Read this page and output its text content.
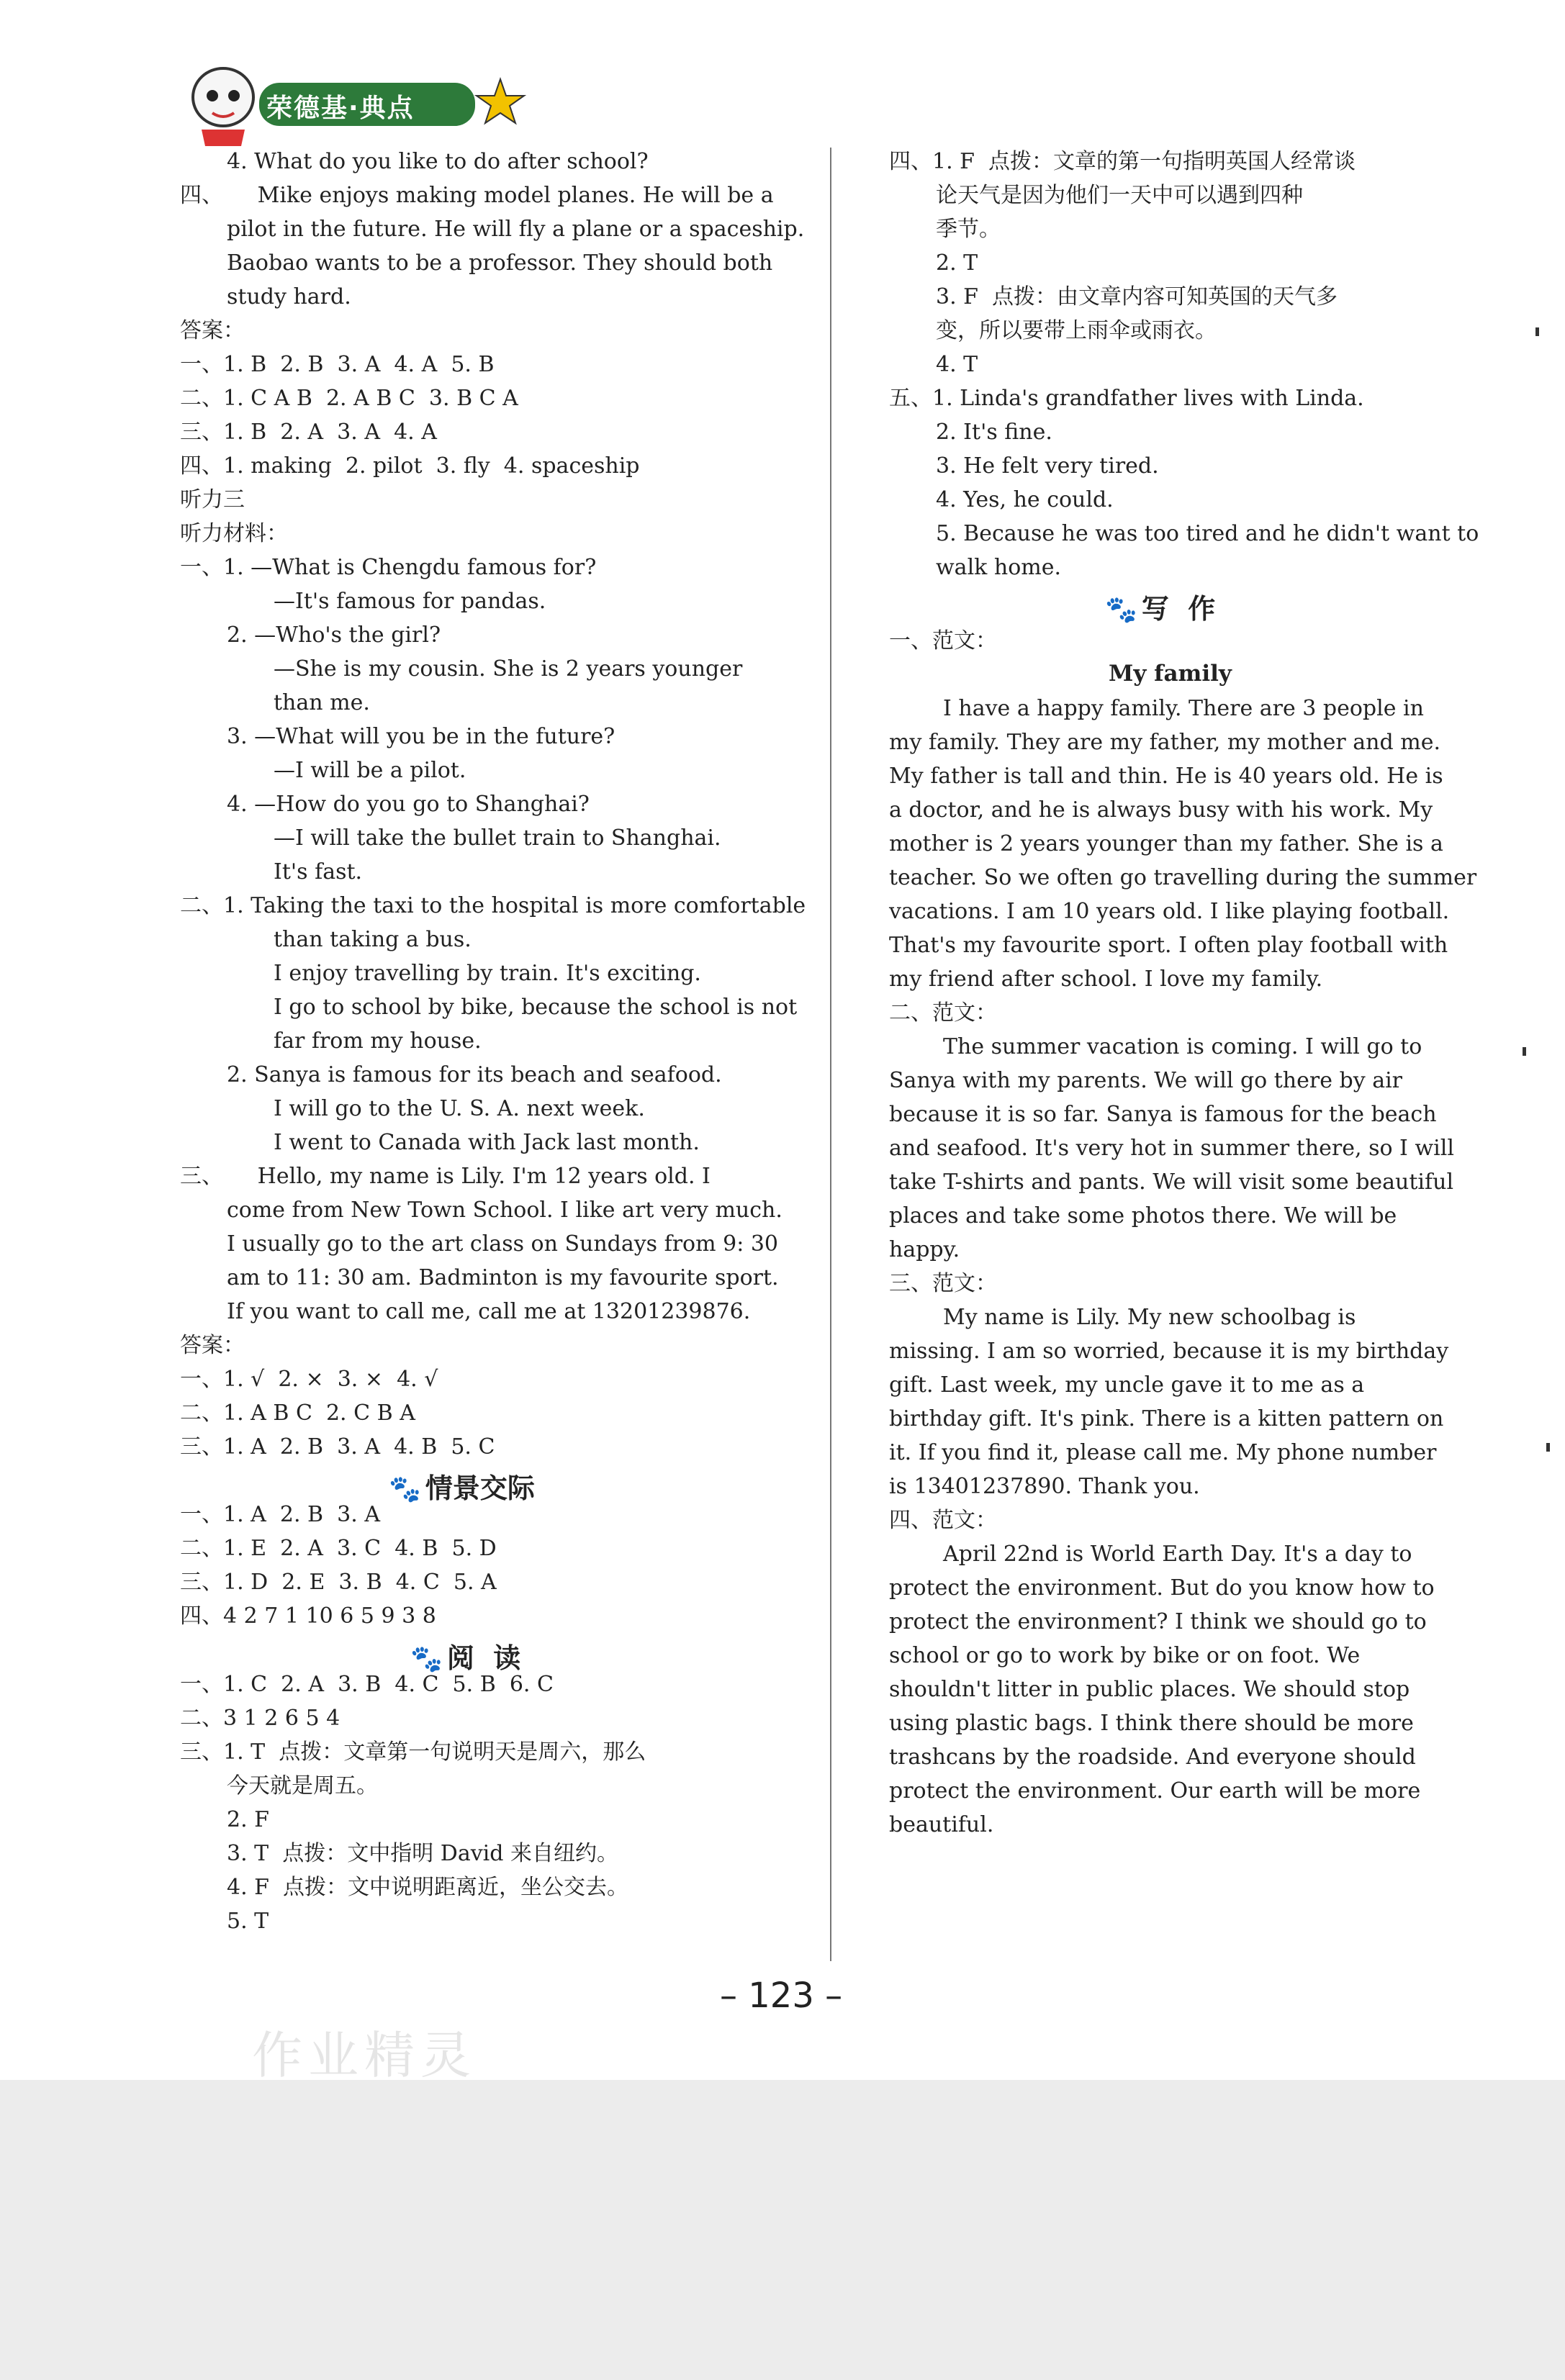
荣德基·典点
4. What do you like to do after school?
四、     Mike enjoys making model planes. He will be a
pilot in the future. He will fly a plane or a spaceship.
Baobao wants to be a professor. They should both
study hard.
答案：
一、1. B  2. B  3. A  4. A  5. B
二、1. C A B  2. A B C  3. B C A
三、1. B  2. A  3. A  4. A
四、1. making  2. pilot  3. fly  4. spaceship
听力三
听力材料：
一、1. —What is Chengdu famous for?
—It's famous for pandas.
2. —Who's the girl?
—She is my cousin. She is 2 years younger
than me.
3. —What will you be in the future?
—I will be a pilot.
4. —How do you go to Shanghai?
—I will take the bullet train to Shanghai.
It's fast.
二、1. Taking the taxi to the hospital is more comfortable
than taking a bus.
I enjoy travelling by train. It's exciting.
I go to school by bike, because the school is not
far from my house.
2. Sanya is famous for its beach and seafood.
I will go to the U. S. A. next week.
I went to Canada with Jack last month.
三、     Hello, my name is Lily. I'm 12 years old. I
come from New Town School. I like art very much.
I usually go to the art class on Sundays from 9: 30
am to 11: 30 am. Badminton is my favourite sport.
If you want to call me, call me at 13201239876.
答案：
一、1. √  2. ×  3. ×  4. √
二、1. A B C  2. C B A
三、1. A  2. B  3. A  4. B  5. C
🐾 情景交际
一、1. A  2. B  3. A
二、1. E  2. A  3. C  4. B  5. D
三、1. D  2. E  3. B  4. C  5. A
四、4 2 7 1 10 6 5 9 3 8
🐾 阅  读
一、1. C  2. A  3. B  4. C  5. B  6. C
二、3 1 2 6 5 4
三、1. T  点拨：文章第一句说明天是周六，那么
今天就是周五。
2. F
3. T  点拨：文中指明 David 来自纽约。
4. F  点拨：文中说明距离近，坐公交去。
5. T
四、1. F  点拨：文章的第一句指明英国人经常谈
论天气是因为他们一天中可以遇到四种
季节。
2. T
3. F  点拨：由文章内容可知英国的天气多
变，所以要带上雨伞或雨衣。
4. T
五、1. Linda's grandfather lives with Linda.
2. It's fine.
3. He felt very tired.
4. Yes, he could.
5. Because he was too tired and he didn't want to
walk home.
🐾 写  作
一、范文：
My family
I have a happy family. There are 3 people in
my family. They are my father, my mother and me.
My father is tall and thin. He is 40 years old. He is
a doctor, and he is always busy with his work. My
mother is 2 years younger than my father. She is a
teacher. So we often go travelling during the summer
vacations. I am 10 years old. I like playing football.
That's my favourite sport. I often play football with
my friend after school. I love my family.
二、范文：
The summer vacation is coming. I will go to
Sanya with my parents. We will go there by air
because it is so far. Sanya is famous for the beach
and seafood. It's very hot in summer there, so I will
take T-shirts and pants. We will visit some beautiful
places and take some photos there. We will be
happy.
三、范文：
My name is Lily. My new schoolbag is
missing. I am so worried, because it is my birthday
gift. Last week, my uncle gave it to me as a
birthday gift. It's pink. There is a kitten pattern on
it. If you find it, please call me. My phone number
is 13401237890. Thank you.
四、范文：
April 22nd is World Earth Day. It's a day to
protect the environment. But do you know how to
protect the environment? I think we should go to
school or go to work by bike or on foot. We
shouldn't litter in public places. We should stop
using plastic bags. I think there should be more
trashcans by the roadside. And everyone should
protect the environment. Our earth will be more
beautiful.
– 123 –
作业精灵
